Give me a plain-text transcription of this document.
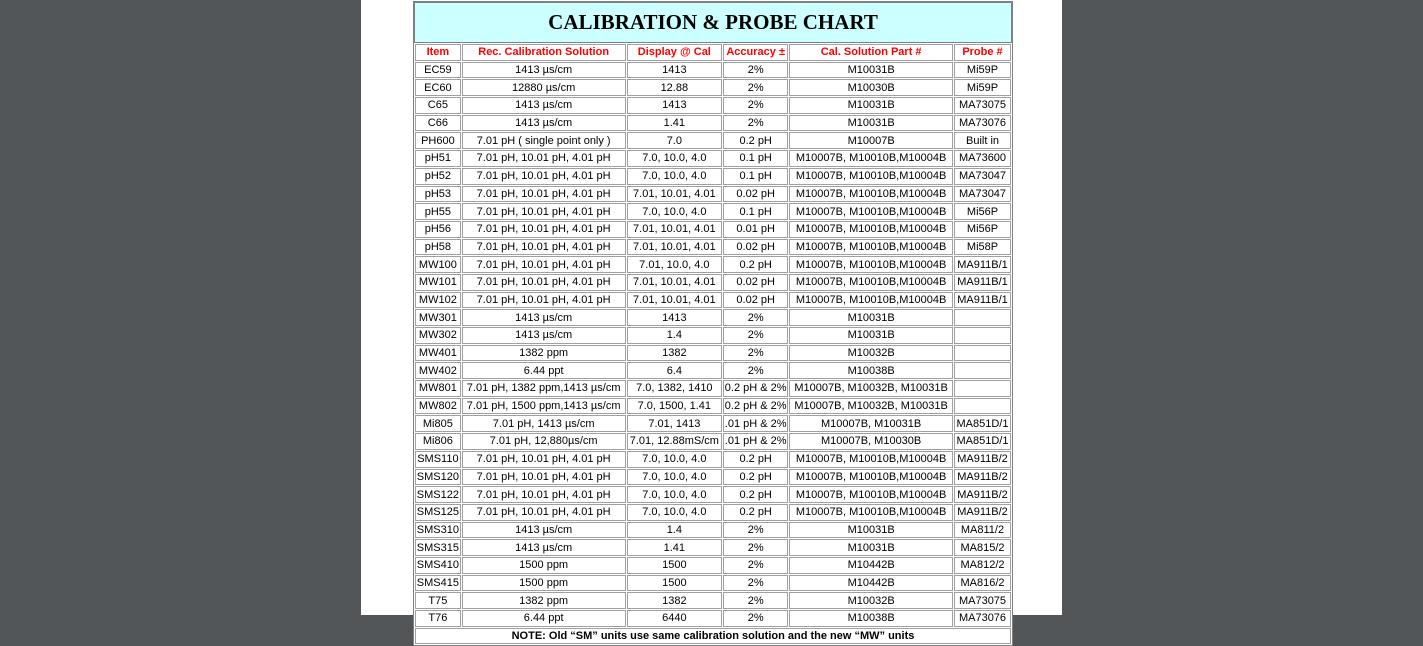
CALIBRATION & PROBE CHART
Item	Rec. Calibration Solution	Display @ Cal	Accuracy ±	Cal. Solution Part #	Probe #
EC59	1413 µs/cm	1413	2%	M10031B	Mi59P
EC60	12880 µs/cm	12.88	2%	M10030B	Mi59P
C65	1413 µs/cm	1413	2%	M10031B	MA73075
C66	1413 µs/cm	1.41	2%	M10031B	MA73076
PH600	7.01 pH ( single point only )	7.0	0.2 pH	M10007B	Built in
pH51	7.01 pH, 10.01 pH, 4.01 pH	7.0, 10.0, 4.0	0.1 pH	M10007B, M10010B,M10004B	MA73600
pH52	7.01 pH, 10.01 pH, 4.01 pH	7.0, 10.0, 4.0	0.1 pH	M10007B, M10010B,M10004B	MA73047
pH53	7.01 pH, 10.01 pH, 4.01 pH	7.01, 10.01, 4.01	0.02 pH	M10007B, M10010B,M10004B	MA73047
pH55	7.01 pH, 10.01 pH, 4.01 pH	7.0, 10.0, 4.0	0.1 pH	M10007B, M10010B,M10004B	Mi56P
pH56	7.01 pH, 10.01 pH, 4.01 pH	7.01, 10.01, 4.01	0.01 pH	M10007B, M10010B,M10004B	Mi56P
pH58	7.01 pH, 10.01 pH, 4.01 pH	7.01, 10.01, 4.01	0.02 pH	M10007B, M10010B,M10004B	Mi58P
MW100	7.01 pH, 10.01 pH, 4.01 pH	7.01, 10.0, 4.0	0.2 pH	M10007B, M10010B,M10004B	MA911B/1
MW101	7.01 pH, 10.01 pH, 4.01 pH	7.01, 10.01, 4.01	0.02 pH	M10007B, M10010B,M10004B	MA911B/1
MW102	7.01 pH, 10.01 pH, 4.01 pH	7.01, 10.01, 4.01	0.02 pH	M10007B, M10010B,M10004B	MA911B/1
MW301	1413 µs/cm	1413	2%	M10031B	
MW302	1413 µs/cm	1.4	2%	M10031B	
MW401	1382 ppm	1382	2%	M10032B	
MW402	6.44 ppt	6.4	2%	M10038B	
MW801	7.01 pH, 1382 ppm,1413 µs/cm	7.0, 1382, 1410	0.2 pH & 2%	M10007B, M10032B, M10031B	
MW802	7.01 pH, 1500 ppm,1413 µs/cm	7.0, 1500, 1.41	0.2 pH & 2%	M10007B, M10032B, M10031B	
Mi805	7.01 pH, 1413 µs/cm	7.01, 1413	.01 pH & 2%	M10007B, M10031B	MA851D/1
Mi806	7.01 pH, 12,880µs/cm	7.01, 12.88mS/cm	.01 pH & 2%	M10007B, M10030B	MA851D/1
SMS110	7.01 pH, 10.01 pH, 4.01 pH	7.0, 10.0, 4.0	0.2 pH	M10007B, M10010B,M10004B	MA911B/2
SMS120	7.01 pH, 10.01 pH, 4.01 pH	7.0, 10.0, 4.0	0.2 pH	M10007B, M10010B,M10004B	MA911B/2
SMS122	7.01 pH, 10.01 pH, 4.01 pH	7.0, 10.0, 4.0	0.2 pH	M10007B, M10010B,M10004B	MA911B/2
SMS125	7.01 pH, 10.01 pH, 4.01 pH	7.0, 10.0, 4.0	0.2 pH	M10007B, M10010B,M10004B	MA911B/2
SMS310	1413 µs/cm	1.4	2%	M10031B	MA811/2
SMS315	1413 µs/cm	1.41	2%	M10031B	MA815/2
SMS410	1500 ppm	1500	2%	M10442B	MA812/2
SMS415	1500 ppm	1500	2%	M10442B	MA816/2
T75	1382 ppm	1382	2%	M10032B	MA73075
T76	6.44 ppt	6440	2%	M10038B	MA73076
NOTE: Old “SM” units use same calibration solution and the new “MW” units					
